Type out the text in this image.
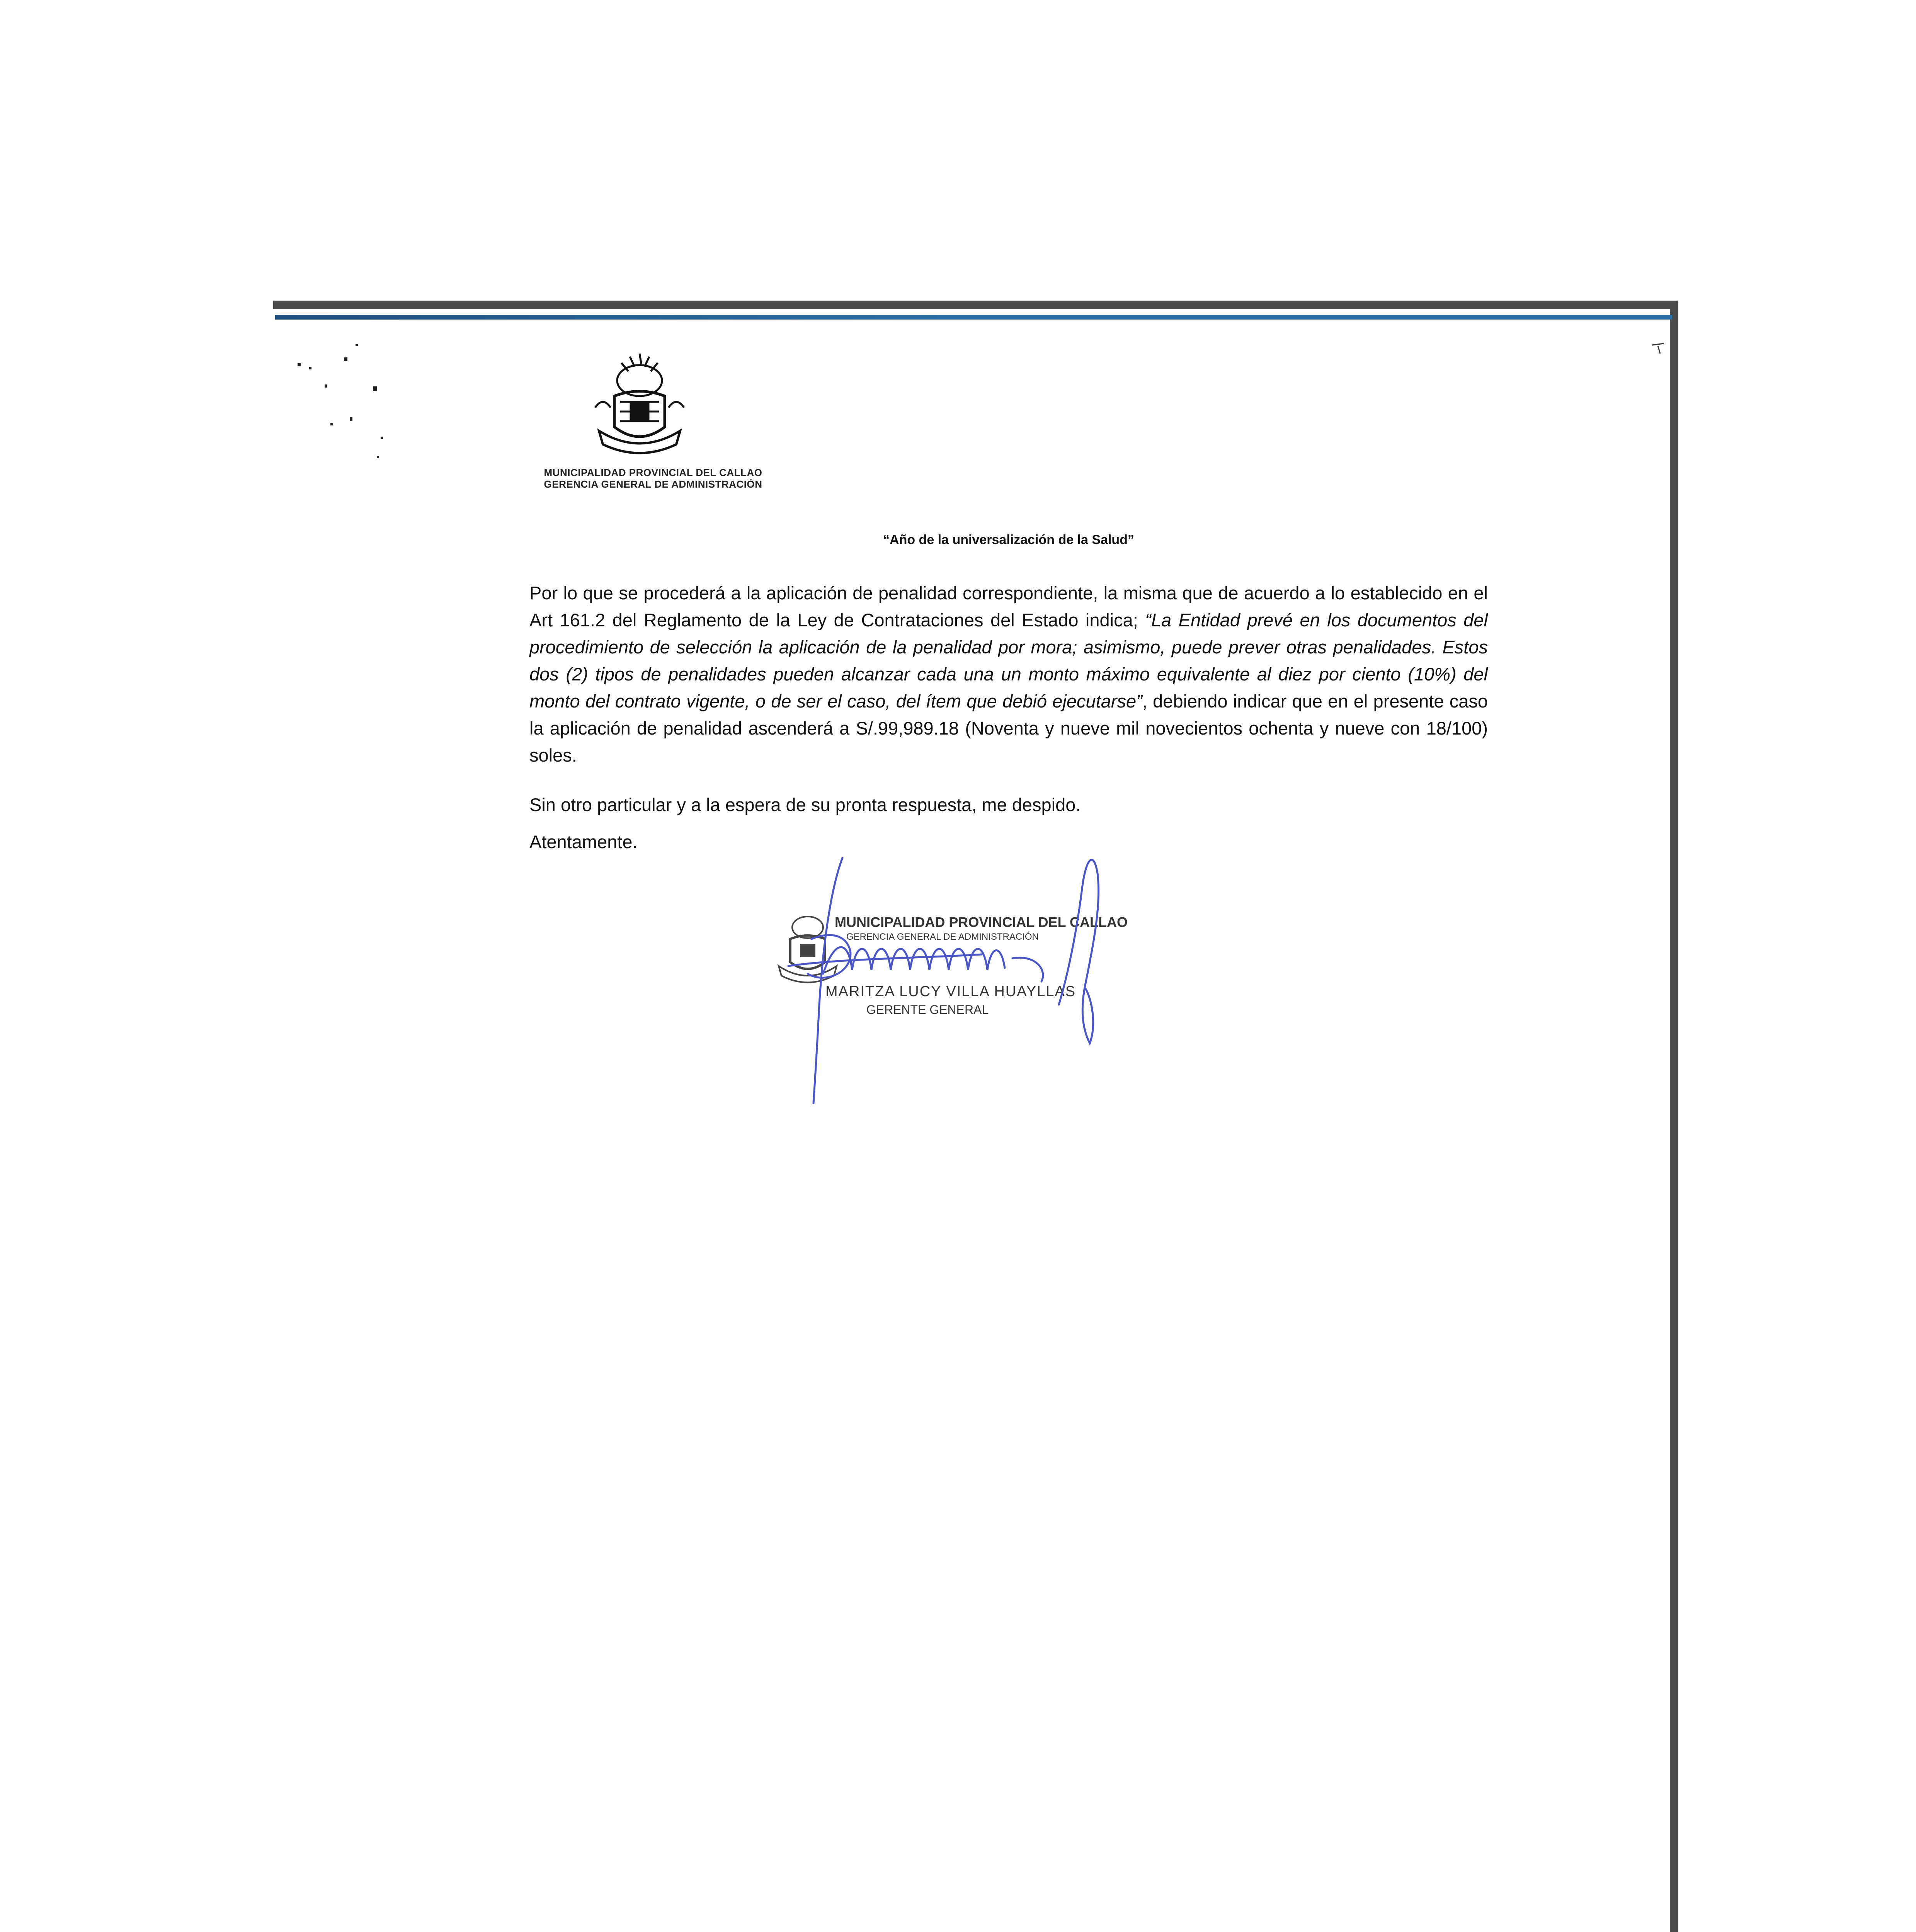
MUNICIPALIDAD PROVINCIAL DEL CALLAO
GERENCIA GENERAL DE ADMINISTRACIÓN
“Año de la universalización de la Salud”
Por lo que se procederá a la aplicación de penalidad correspondiente, la misma que de acuerdo a lo establecido en el Art 161.2 del Reglamento de la Ley de Contrataciones del Estado indica; “La Entidad prevé en los documentos del procedimiento de selección la aplicación de la penalidad por mora; asimismo, puede prever otras penalidades. Estos dos (2) tipos de penalidades pueden alcanzar cada una un monto máximo equivalente al diez por ciento (10%) del monto del contrato vigente, o de ser el caso, del ítem que debió ejecutarse”, debiendo indicar que en el presente caso la aplicación de penalidad ascenderá a S/.99,989.18 (Noventa y nueve mil novecientos ochenta y nueve con 18/100) soles.
Sin otro particular y a la espera de su pronta respuesta, me despido.
Atentamente.
MUNICIPALIDAD PROVINCIAL DEL CALLAO
GERENCIA GENERAL DE ADMINISTRACIÓN
MARITZA LUCY VILLA HUAYLLAS
GERENTE GENERAL
